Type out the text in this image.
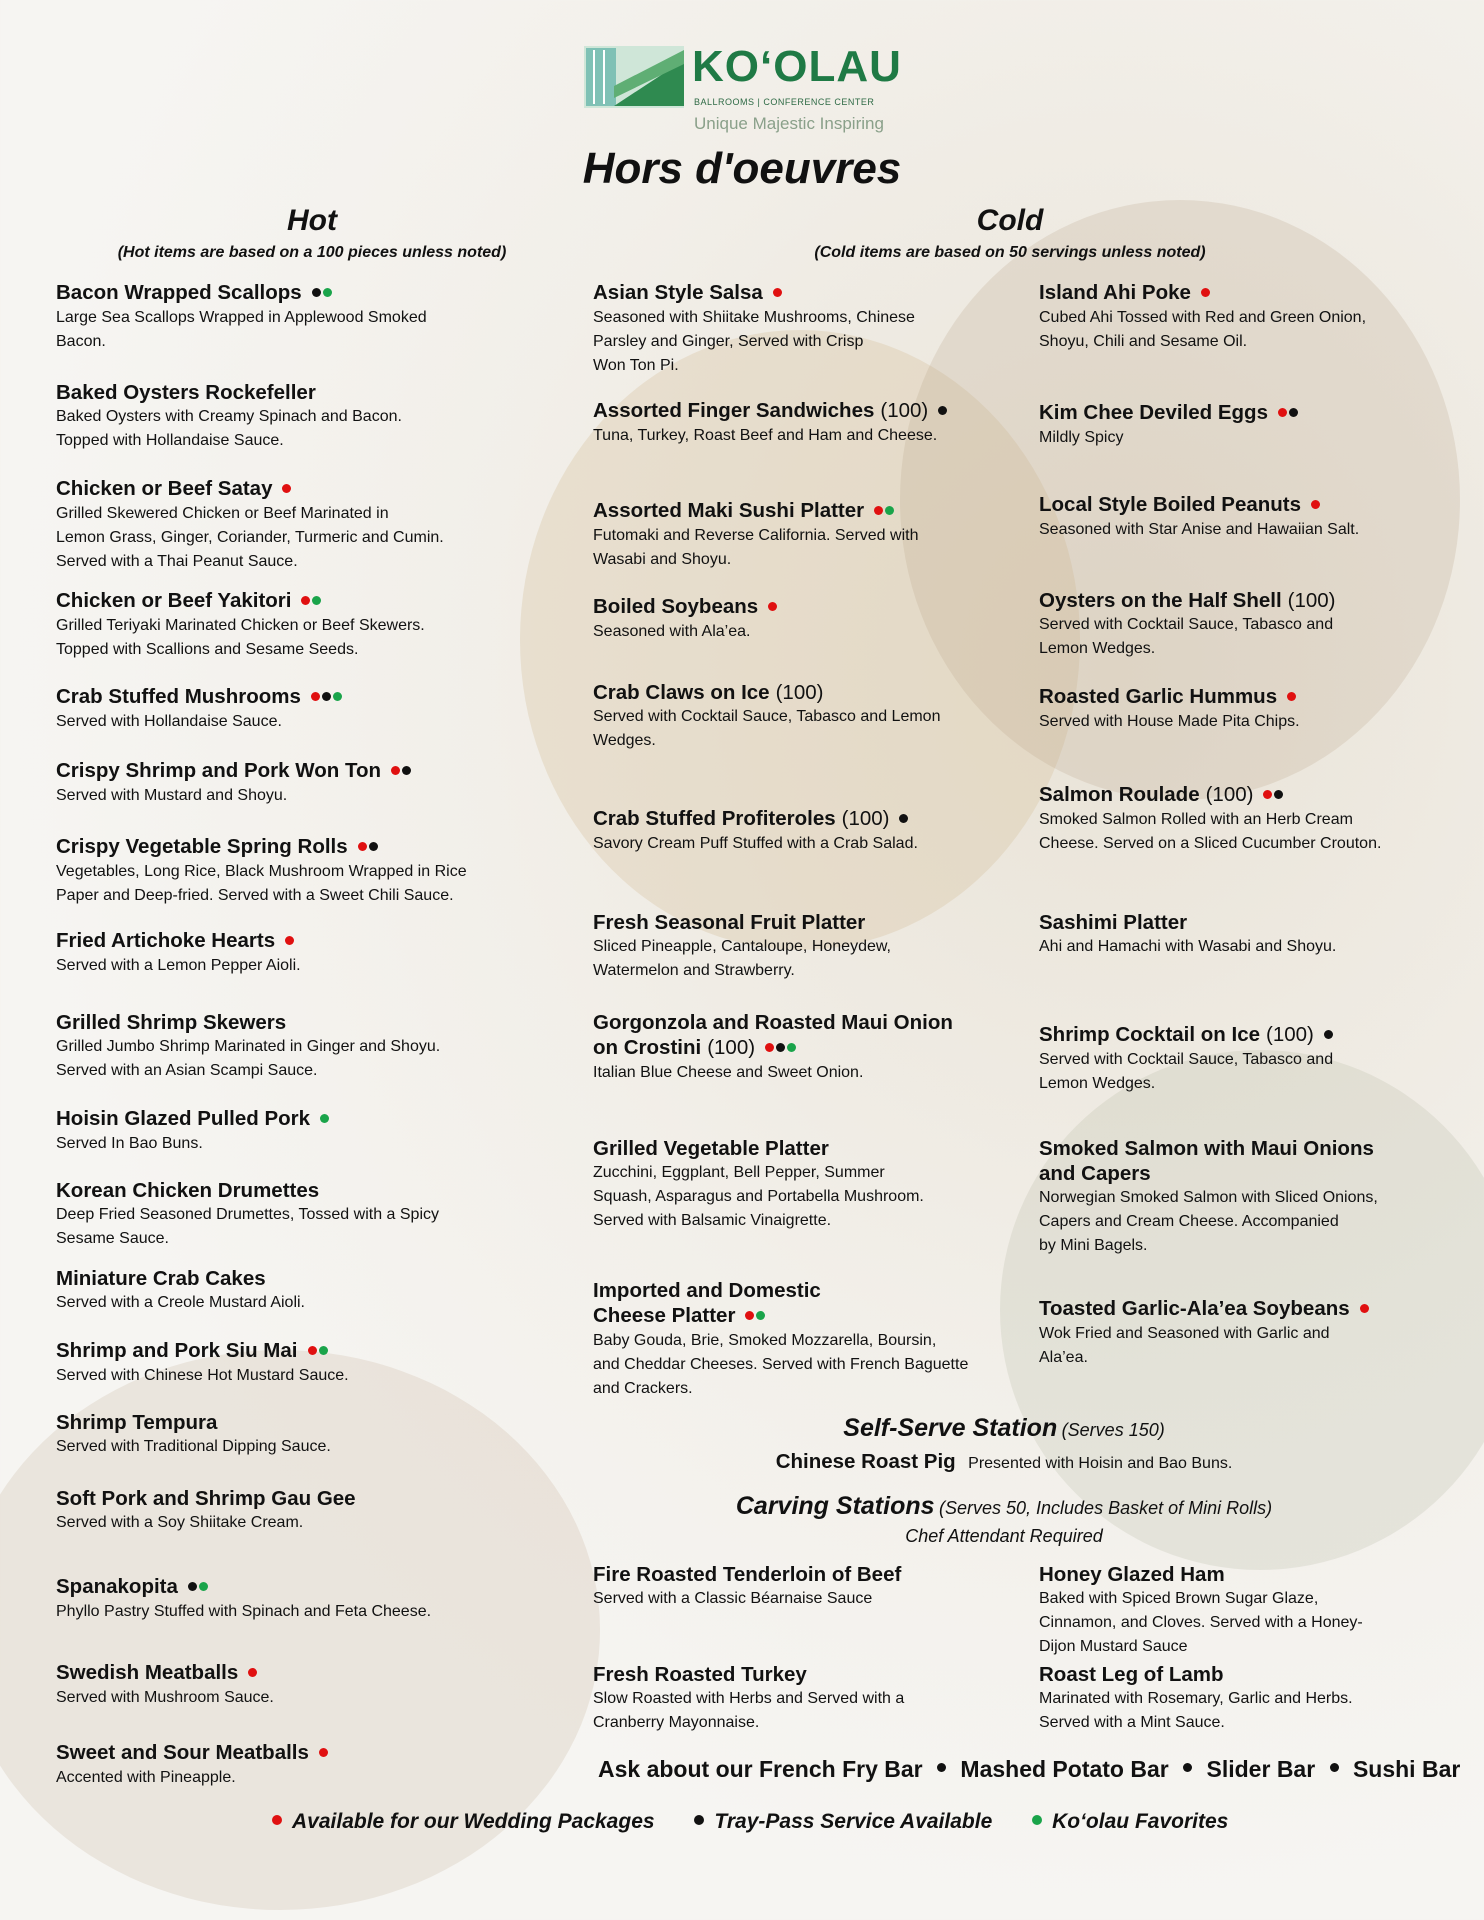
KO‘OLAU
BALLROOMS | CONFERENCE CENTER
Unique Majestic Inspiring
Hors d'oeuvres
Hot
(Hot items are based on a 100 pieces unless noted)
Cold
(Cold items are based on 50 servings unless noted)
Bacon Wrapped Scallops
Large Sea Scallops Wrapped in Applewood Smoked
Bacon.
Baked Oysters Rockefeller
Baked Oysters with Creamy Spinach and Bacon.
Topped with Hollandaise Sauce.
Chicken or Beef Satay
Grilled Skewered Chicken or Beef Marinated in
Lemon Grass, Ginger, Coriander, Turmeric and Cumin.
Served with a Thai Peanut Sauce.
Chicken or Beef Yakitori
Grilled Teriyaki Marinated Chicken or Beef Skewers.
Topped with Scallions and Sesame Seeds.
Crab Stuffed Mushrooms
Served with Hollandaise Sauce.
Crispy Shrimp and Pork Won Ton
Served with Mustard and Shoyu.
Crispy Vegetable Spring Rolls
Vegetables, Long Rice, Black Mushroom Wrapped in Rice
Paper and Deep-fried. Served with a Sweet Chili Sauce.
Fried Artichoke Hearts
Served with a Lemon Pepper Aioli.
Grilled Shrimp Skewers
Grilled Jumbo Shrimp Marinated in Ginger and Shoyu.
Served with an Asian Scampi Sauce.
Hoisin Glazed Pulled Pork
Served In Bao Buns.
Korean Chicken Drumettes
Deep Fried Seasoned Drumettes, Tossed with a Spicy
Sesame Sauce.
Miniature Crab Cakes
Served with a Creole Mustard Aioli.
Shrimp and Pork Siu Mai
Served with Chinese Hot Mustard Sauce.
Shrimp Tempura
Served with Traditional Dipping Sauce.
Soft Pork and Shrimp Gau Gee
Served with a Soy Shiitake Cream.
Spanakopita
Phyllo Pastry Stuffed with Spinach and Feta Cheese.
Swedish Meatballs
Served with Mushroom Sauce.
Sweet and Sour Meatballs
Accented with Pineapple.
Asian Style Salsa
Seasoned with Shiitake Mushrooms, Chinese
Parsley and Ginger, Served with Crisp
Won Ton Pi.
Assorted Finger Sandwiches (100)
Tuna, Turkey, Roast Beef and Ham and Cheese.
Assorted Maki Sushi Platter
Futomaki and Reverse California. Served with
Wasabi and Shoyu.
Boiled Soybeans
Seasoned with Ala’ea.
Crab Claws on Ice (100)
Served with Cocktail Sauce, Tabasco and Lemon
Wedges.
Crab Stuffed Profiteroles (100)
Savory Cream Puff Stuffed with a Crab Salad.
Fresh Seasonal Fruit Platter
Sliced Pineapple, Cantaloupe, Honeydew,
Watermelon and Strawberry.
Gorgonzola and Roasted Maui Onion
on Crostini (100)
Italian Blue Cheese and Sweet Onion.
Grilled Vegetable Platter
Zucchini, Eggplant, Bell Pepper, Summer
Squash, Asparagus and Portabella Mushroom.
Served with Balsamic Vinaigrette.
Imported and Domestic
Cheese Platter
Baby Gouda, Brie, Smoked Mozzarella, Boursin,
and Cheddar Cheeses. Served with French Baguette
and Crackers.
Island Ahi Poke
Cubed Ahi Tossed with Red and Green Onion,
Shoyu, Chili and Sesame Oil.
Kim Chee Deviled Eggs
Mildly Spicy
Local Style Boiled Peanuts
Seasoned with Star Anise and Hawaiian Salt.
Oysters on the Half Shell (100)
Served with Cocktail Sauce, Tabasco and
Lemon Wedges.
Roasted Garlic Hummus
Served with House Made Pita Chips.
Salmon Roulade (100)
Smoked Salmon Rolled with an Herb Cream
Cheese. Served on a Sliced Cucumber Crouton.
Sashimi Platter
Ahi and Hamachi with Wasabi and Shoyu.
Shrimp Cocktail on Ice (100)
Served with Cocktail Sauce, Tabasco and
Lemon Wedges.
Smoked Salmon with Maui Onions
and Capers
Norwegian Smoked Salmon with Sliced Onions,
Capers and Cream Cheese. Accompanied
by Mini Bagels.
Toasted Garlic-Ala’ea Soybeans
Wok Fried and Seasoned with Garlic and
Ala’ea.
Self-Serve Station (Serves 150)
Chinese Roast Pig Presented with Hoisin and Bao Buns.
Carving Stations (Serves 50, Includes Basket of Mini Rolls)
Chef Attendant Required
Fire Roasted Tenderloin of Beef
Served with a Classic Béarnaise Sauce
Honey Glazed Ham
Baked with Spiced Brown Sugar Glaze,
Cinnamon, and Cloves. Served with a Honey-
Dijon Mustard Sauce
Fresh Roasted Turkey
Slow Roasted with Herbs and Served with a
Cranberry Mayonnaise.
Roast Leg of Lamb
Marinated with Rosemary, Garlic and Herbs.
Served with a Mint Sauce.
Ask about our French Fry Bar Mashed Potato Bar Slider Bar Sushi Bar
Available for our Wedding Packages	Tray-Pass Service Available	Ko‘olau Favorites
